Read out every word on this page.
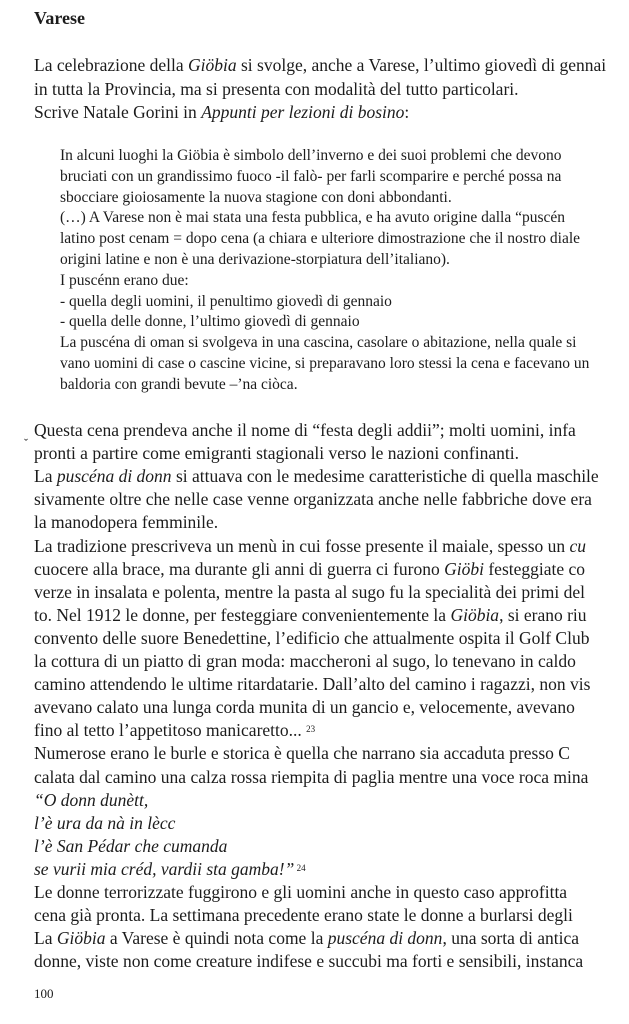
Varese
La celebrazione della Giöbia si svolge, anche a Varese, l’ultimo giovedì di gennai
in tutta la Provincia, ma si presenta con modalità del tutto particolari.
Scrive Natale Gorini in Appunti per lezioni di bosino:
In alcuni luoghi la Giöbia è simbolo dell’inverno e dei suoi problemi che devono
bruciati con un grandissimo fuoco -il falò- per farli scomparire e perché possa na
sbocciare gioiosamente la nuova stagione con doni abbondanti.
(…) A Varese non è mai stata una festa pubblica, e ha avuto origine dalla “puscén
latino post cenam = dopo cena (a chiara e ulteriore dimostrazione che il nostro diale
origini latine e non è una derivazione-storpiatura dell’italiano).
I puscénn erano due:
- quella degli uomini, il penultimo giovedì di gennaio
- quella delle donne, l’ultimo giovedì di gennaio
La puscéna di oman si svolgeva in una cascina, casolare o abitazione, nella quale si
vano uomini di case o cascine vicine, si preparavano loro stessi la cena e facevano un
baldoria con grandi bevute –’na ciòca.
ˇ
Questa cena prendeva anche il nome di “festa degli addii”; molti uomini, infa
pronti a partire come emigranti stagionali verso le nazioni confinanti.
La puscéna di donn si attuava con le medesime caratteristiche di quella maschile
sivamente oltre che nelle case venne organizzata anche nelle fabbriche dove era
la manodopera femminile.
La tradizione prescriveva un menù in cui fosse presente il maiale, spesso un cu
cuocere alla brace, ma durante gli anni di guerra ci furono Giöbi festeggiate co
verze in insalata e polenta, mentre la pasta al sugo fu la specialità dei primi del
to. Nel 1912 le donne, per festeggiare convenientemente la Giöbia, si erano riu
convento delle suore Benedettine, l’edificio che attualmente ospita il Golf Club
la cottura di un piatto di gran moda: maccheroni al sugo, lo tenevano in caldo
camino attendendo le ultime ritardatarie. Dall’alto del camino i ragazzi, non vis
avevano calato una lunga corda munita di un gancio e, velocemente, avevano
fino al tetto l’appetitoso manicaretto... $^{23}$
Numerose erano le burle e storica è quella che narrano sia accaduta presso C
calata dal camino una calza rossa riempita di paglia mentre una voce roca mina
“O donn dunètt,
l’è ura da nà in lècc
l’è San Pédar che cumanda
se vurii mia créd, vardii sta gamba!” $^{24}$
Le donne terrorizzate fuggirono e gli uomini anche in questo caso approfitta
cena già pronta. La settimana precedente erano state le donne a burlarsi degli
La Giöbia a Varese è quindi nota come la puscéna di donn, una sorta di antica
donne, viste non come creature indifese e succubi ma forti e sensibili, instanca
100
